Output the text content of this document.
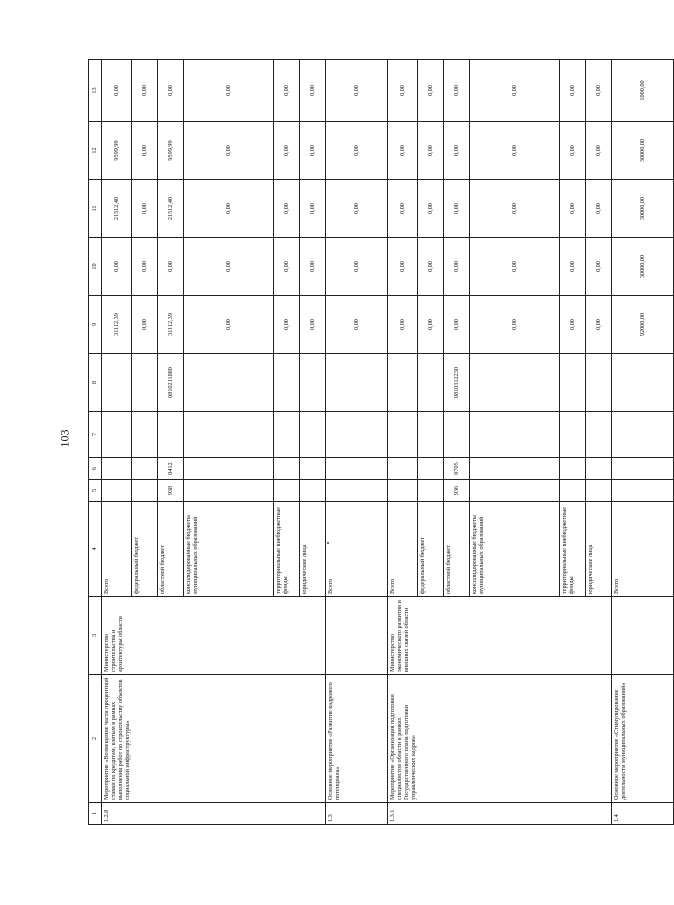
103
1	2	3	4	5	6	7	8	9	10	11	12	13	
1.2.8	Мероприятие «Возмещение части процентной ставки по кредитам, взятым в рамках выполнения работ по строительству объектов социальной инфраструктуры»	Министерство строительства и архитектуры области	Всего					31112,39	0,00	21512,40	9599,99	0,00	
			федеральный бюджет					0,00	0,00	0,00	0,00	0,00	
			областной бюджет	938	0412		0810211880	31112,39	0,00	21512,40	9599,99	0,00	
			консолидированные бюджеты муниципальных образований					0,00	0,00	0,00	0,00	0,00	
			территориальные внебюджетные фонды					0,00	0,00	0,00	0,00	0,00	
			юридические лица					0,00	0,00	0,00	0,00	0,00	
1.3	Основное мероприятие «Развитие кадрового потенциала»		Всего					0,00	0,00	0,00	0,00	0,00	
1.3.1	Мероприятие «Организация подготовки специалистов области в рамках Государственного плана подготовки управленческих кадров»	Министерство экономического развития и внешних связей области	Всего					0,00	0,00	0,00	0,00	0,00	
			федеральный бюджет					0,00	0,00	0,00	0,00	0,00	
			областной бюджет	936	0705		0810312230	0,00	0,00	0,00	0,00	0,00	
			консолидированные бюджеты муниципальных образований					0,00	0,00	0,00	0,00	0,00	
			территориальные внебюджетные фонды					0,00	0,00	0,00	0,00	0,00	
			юридические лица					0,00	0,00	0,00	0,00	0,00	
1.4	Основное мероприятие «Стимулирование деятельности муниципальных образований»		Всего					92000,00	30000,00	30000,00	30000,00	1000,00	
